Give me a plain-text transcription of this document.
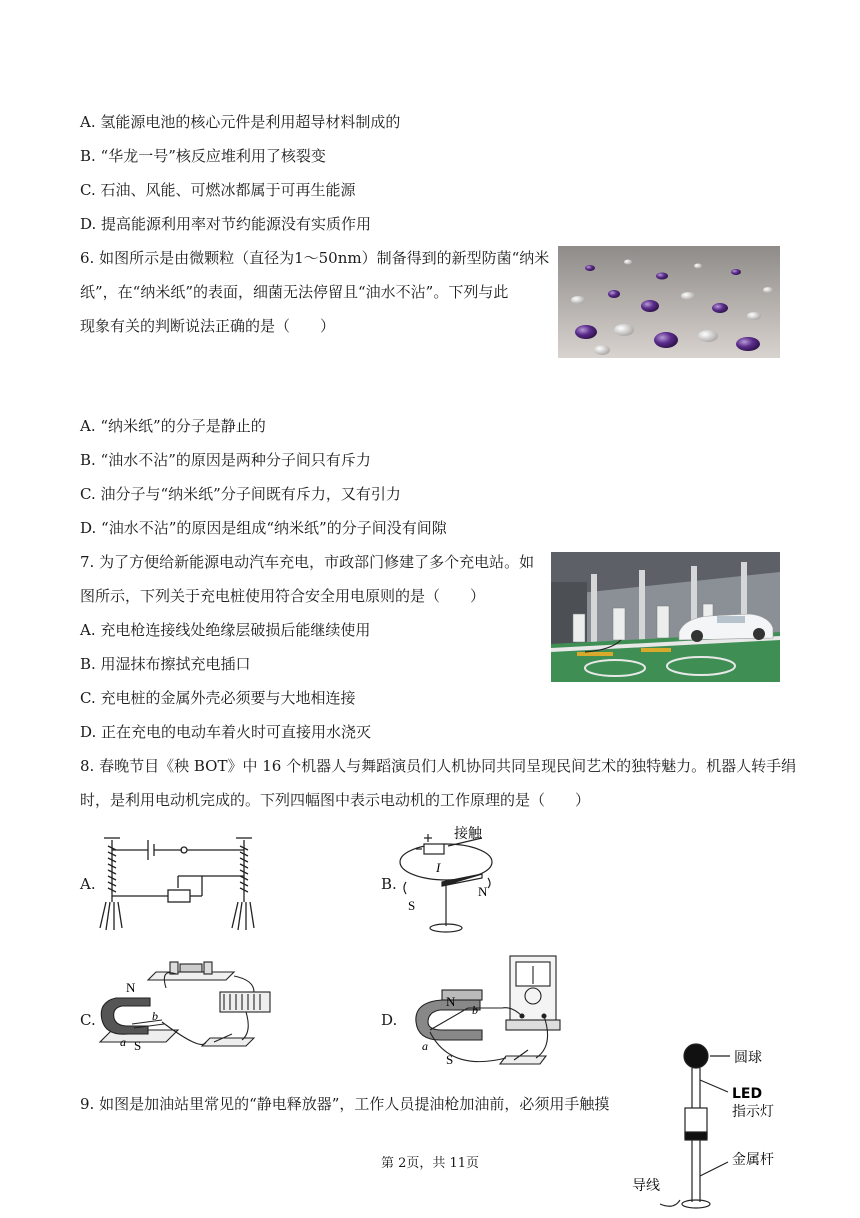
A. 氢能源电池的核心元件是利用超导材料制成的
B. “华龙一号”核反应堆利用了核裂变
C. 石油、风能、可燃冰都属于可再生能源
D. 提高能源利用率对节约能源没有实质作用
6. 如图所示是由微颗粒（直径为1～50nm）制备得到的新型防菌“纳米
纸”，在“纳米纸”的表面，细菌无法停留且“油水不沾”。下列与此
现象有关的判断说法正确的是（　　）
A. “纳米纸”的分子是静止的
B. “油水不沾”的原因是两种分子间只有斥力
C. 油分子与“纳米纸”分子间既有斥力，又有引力
D. “油水不沾”的原因是组成“纳米纸”的分子间没有间隙
7. 为了方便给新能源电动汽车充电，市政部门修建了多个充电站。如
图所示，下列关于充电桩使用符合安全用电原则的是（　　）
A. 充电枪连接线处绝缘层破损后能继续使用
B. 用湿抹布擦拭充电插口
C. 充电桩的金属外壳必须要与大地相连接
D. 正在充电的电动车着火时可直接用水浇灭
8. 春晚节目《秧 BOT》中 16 个机器人与舞蹈演员们人机协同共同呈现民间艺术的独特魅力。机器人转手绢
时，是利用电动机完成的。下列四幅图中表示电动机的工作原理的是（　　）
A.	B.
I
接触
S
N
C.
N
S
a
b	D.
N
S
a
b
9. 如图是加油站里常见的“静电释放器”，工作人员提油枪加油前，必须用手触摸
圆球
LED
指示灯
金属杆
导线
第 2页，共 11页
